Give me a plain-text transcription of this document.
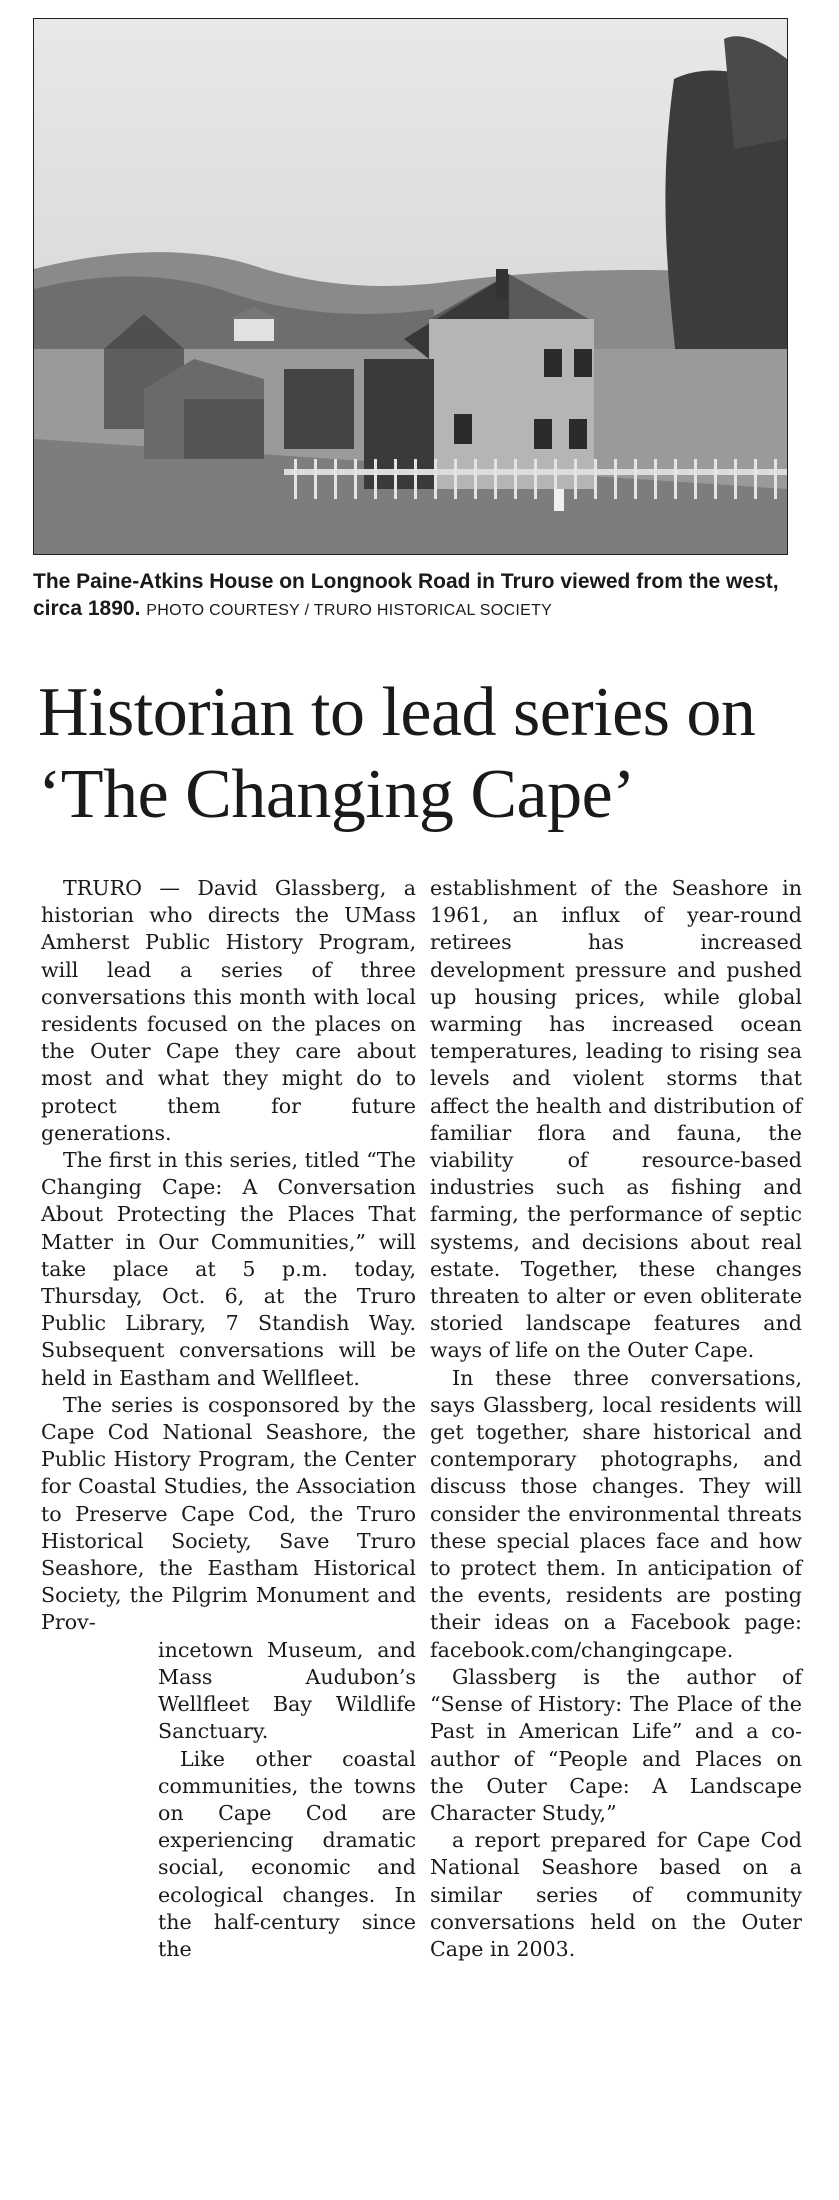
The Paine-Atkins House on Longnook Road in Truro viewed from the west, circa 1890. PHOTO COURTESY / TRURO HISTORICAL SOCIETY
Historian to lead series on ‘The Changing Cape’

TRURO — David Glassberg, a historian who directs the UMass Amherst Public History Program, will lead a series of three conversations this month with local residents focused on the places on the Outer Cape they care about most and what they might do to protect them for future generations.

The first in this series, titled “The Changing Cape: A Conversation About Protecting the Places That Matter in Our Communities,” will take place at 5 p.m. today, Thursday, Oct. 6, at the Truro Public Library, 7 Standish Way. Subsequent conversations will be held in Eastham and Wellfleet.

The series is cosponsored by the Cape Cod National Seashore, the Public History Program, the Center for Coastal Studies, the Association to Preserve Cape Cod, the Truro Historical Society, Save Truro Seashore, the Eastham Historical Society, the Pilgrim Monument and Prov-

incetown Museum, and Mass Audubon’s Wellfleet Bay Wildlife Sanctuary.

Like other coastal communities, the towns on Cape Cod are experiencing dramatic social, economic and ecological changes. In the half-century since the

establishment of the Seashore in 1961, an influx of year-round retirees has increased development pressure and pushed up housing prices, while global warming has increased ocean temperatures, leading to rising sea levels and violent storms that affect the health and distribution of familiar flora and fauna, the viability of resource-based industries such as fishing and farming, the performance of septic systems, and decisions about real estate. Together, these changes threaten to alter or even obliterate storied landscape features and ways of life on the Outer Cape.

In these three conversations, says Glassberg, local residents will get together, share historical and contemporary photographs, and discuss those changes. They will consider the environmental threats these special places face and how to protect them. In anticipation of the events, residents are posting their ideas on a Facebook page: facebook.com/changingcape.

Glassberg is the author of “Sense of History: The Place of the Past in American Life” and a co-author of “People and Places on the Outer Cape: A Landscape Character Study,”

a report prepared for Cape Cod National Seashore based on a similar series of community conversations held on the Outer Cape in 2003.
